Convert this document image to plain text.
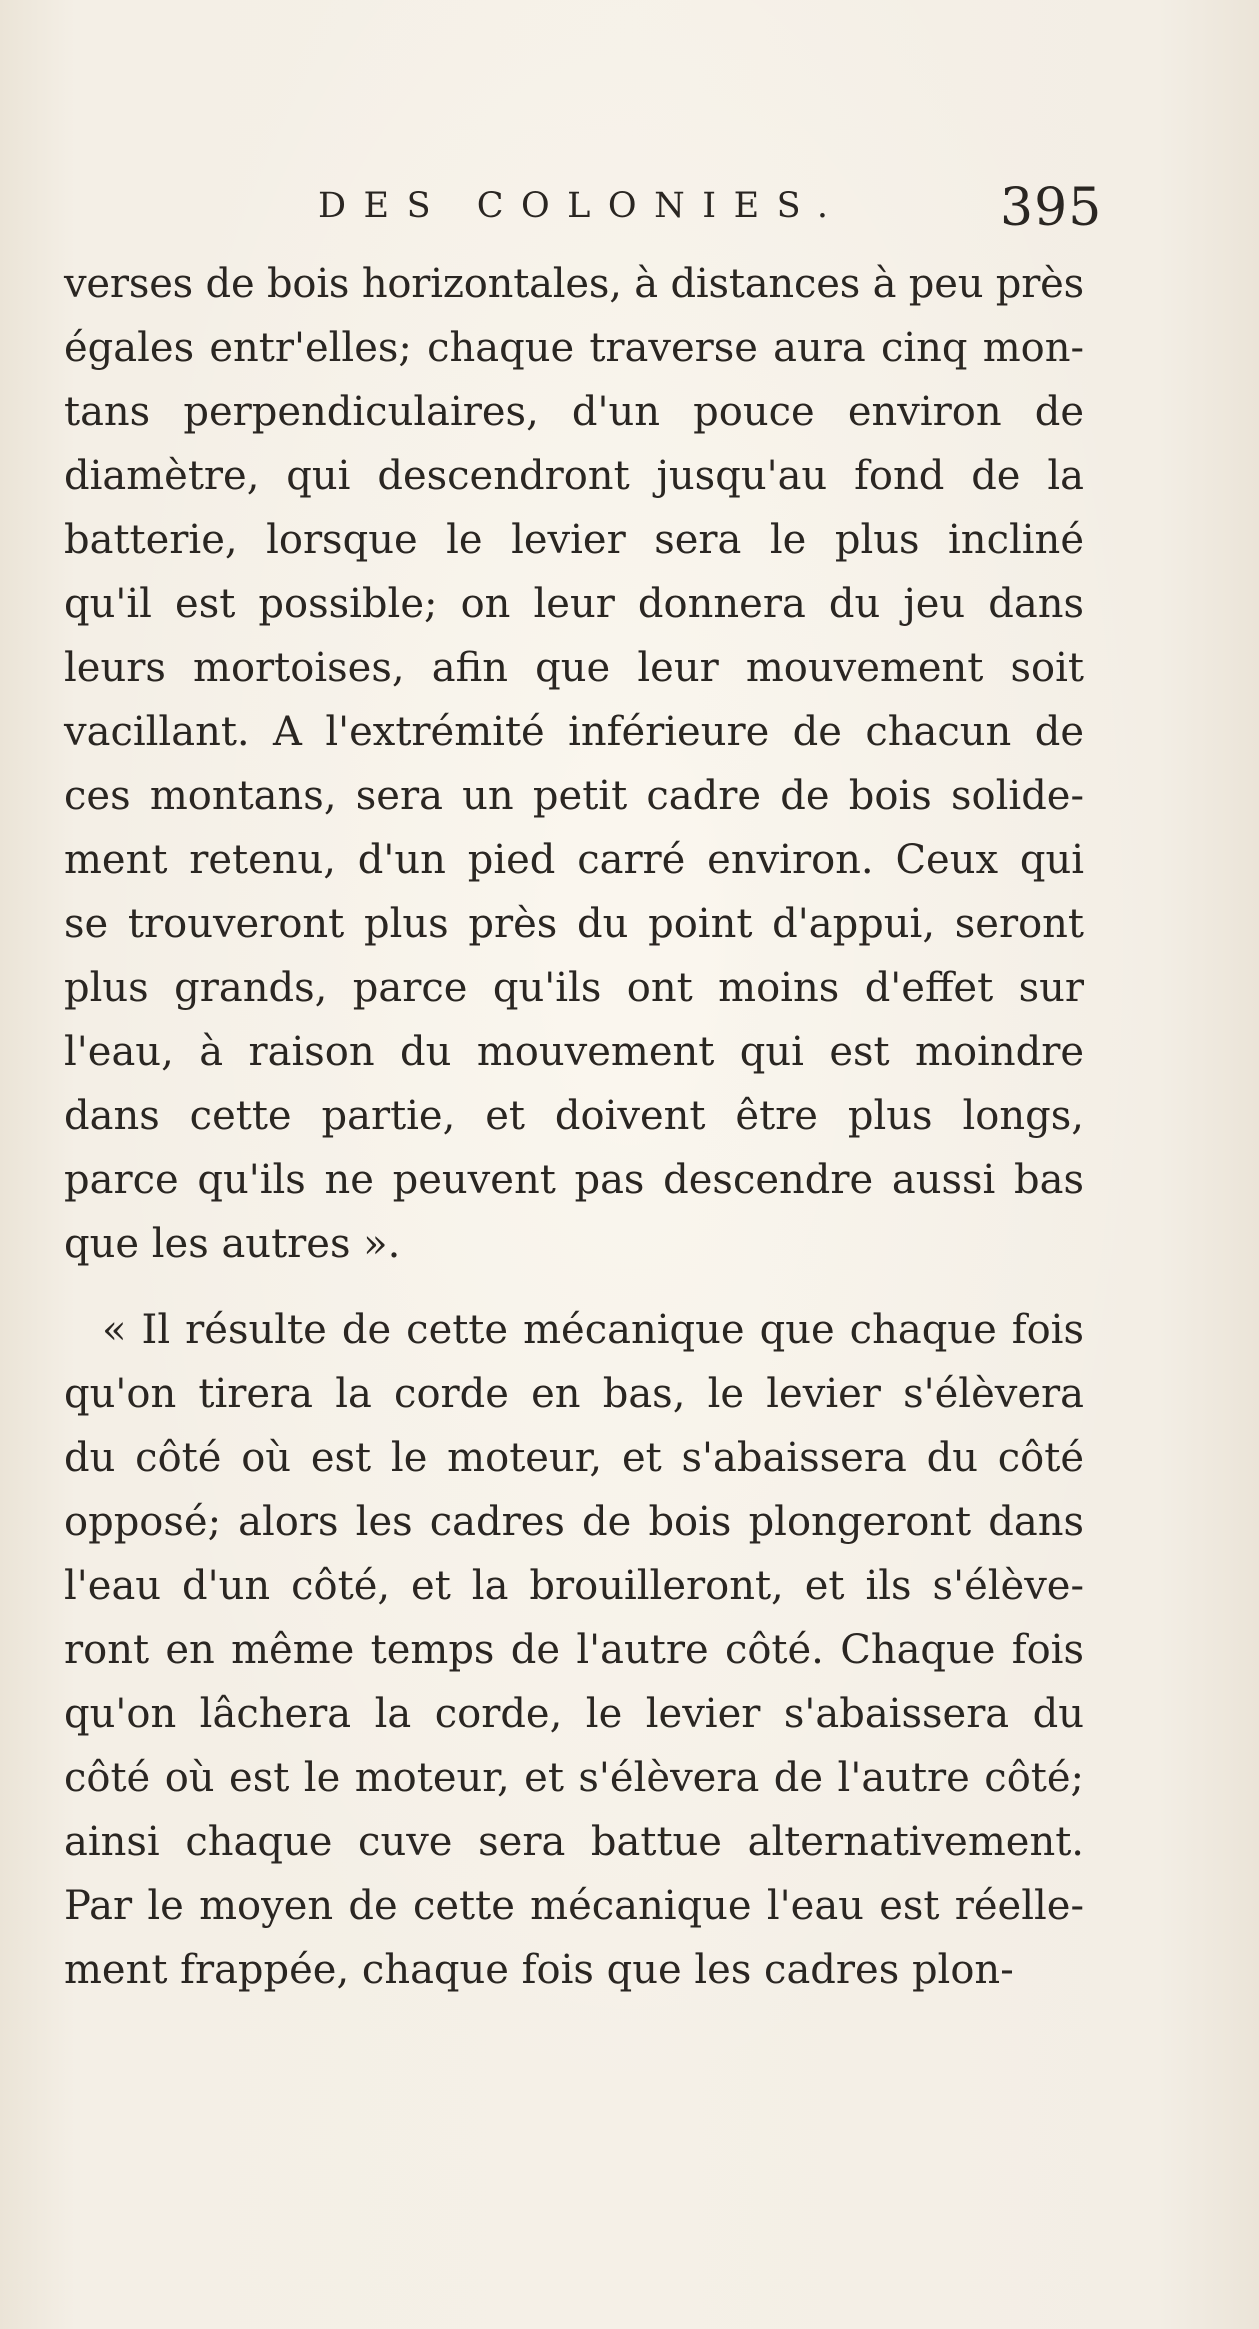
DES COLONIES.	395
verses de bois horizontales, à distances à peu près
égales entr'elles; chaque traverse aura cinq mon-
tans perpendiculaires, d'un pouce environ de
diamètre, qui descendront jusqu'au fond de la
batterie, lorsque le levier sera le plus incliné
qu'il est possible; on leur donnera du jeu dans
leurs mortoises, afin que leur mouvement soit
vacillant. A l'extrémité inférieure de chacun de
ces montans, sera un petit cadre de bois solide-
ment retenu, d'un pied carré environ. Ceux qui
se trouveront plus près du point d'appui, seront
plus grands, parce qu'ils ont moins d'effet sur
l'eau, à raison du mouvement qui est moindre
dans cette partie, et doivent être plus longs,
parce qu'ils ne peuvent pas descendre aussi bas
que les autres ».
« Il résulte de cette mécanique que chaque fois
qu'on tirera la corde en bas, le levier s'élèvera
du côté où est le moteur, et s'abaissera du côté
opposé; alors les cadres de bois plongeront dans
l'eau d'un côté, et la brouilleront, et ils s'élève-
ront en même temps de l'autre côté. Chaque fois
qu'on lâchera la corde, le levier s'abaissera du
côté où est le moteur, et s'élèvera de l'autre côté;
ainsi chaque cuve sera battue alternativement.
Par le moyen de cette mécanique l'eau est réelle-
ment frappée, chaque fois que les cadres plon-
